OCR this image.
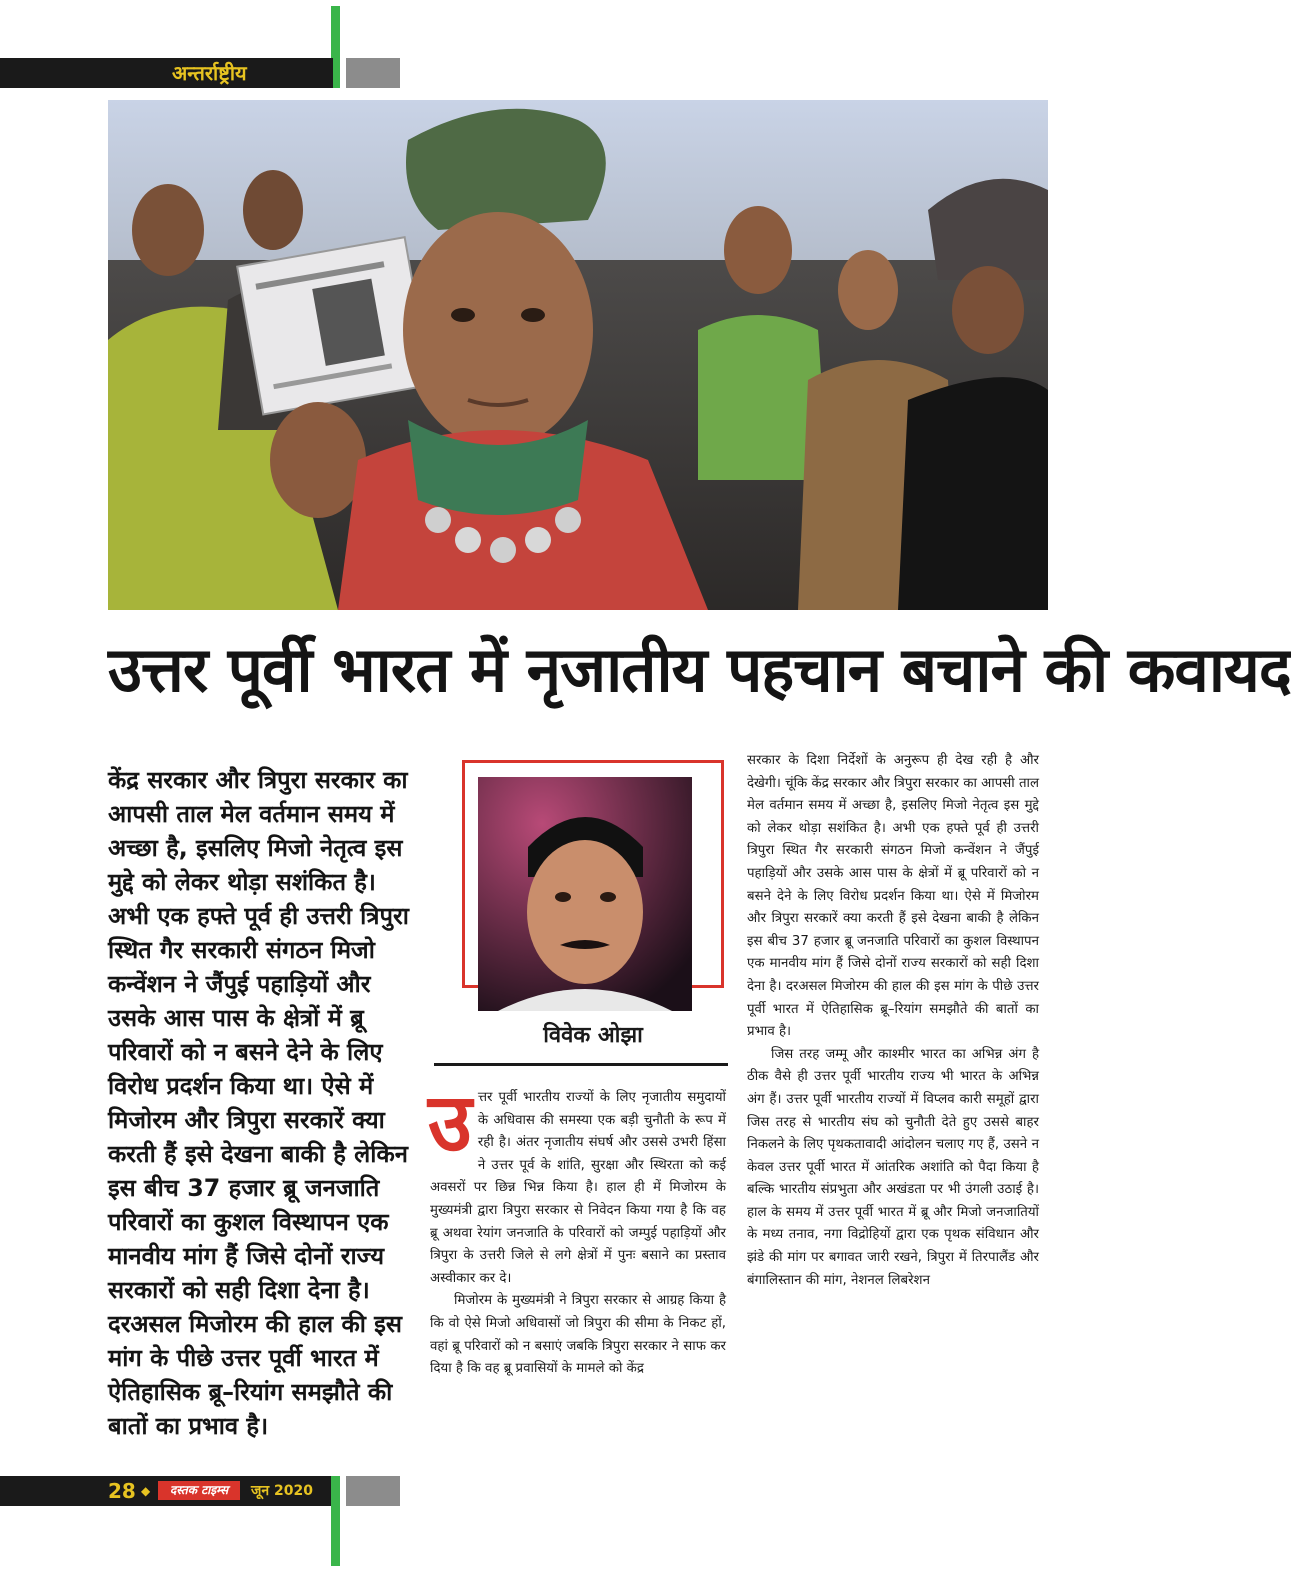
अन्तर्राष्ट्रीय
उत्तर पूर्वी भारत में नृजातीय पहचान बचाने की कवायद

केंद्र सरकार और त्रिपुरा सरकार का आपसी ताल मेल वर्तमान समय में अच्छा है, इसलिए मिजो नेतृत्व इस मुद्दे को लेकर थोड़ा सशंकित है। अभी एक हफ्ते पूर्व ही उत्तरी त्रिपुरा स्थित गैर सरकारी संगठन मिजो कन्वेंशन ने जैंपुई पहाड़ियों और उसके आस पास के क्षेत्रों में ब्रू परिवारों को न बसने देने के लिए विरोध प्रदर्शन किया था। ऐसे में मिजोरम और त्रिपुरा सरकारें क्या करती हैं इसे देखना बाकी है लेकिन इस बीच 37 हजार ब्रू जनजाति परिवारों का कुशल विस्थापन एक मानवीय मांग हैं जिसे दोनों राज्य सरकारों को सही दिशा देना है। दरअसल मिजोरम की हाल की इस मांग के पीछे उत्तर पूर्वी भारत में ऐतिहासिक ब्रू–रियांग समझौते की बातों का प्रभाव है।

विवेक ओझा

उत्तर पूर्वी भारतीय राज्यों के लिए नृजातीय समुदायों के अधिवास की समस्या एक बड़ी चुनौती के रूप में रही है। अंतर नृजातीय संघर्ष और उससे उभरी हिंसा ने उत्तर पूर्व के शांति, सुरक्षा और स्थिरता को कई अवसरों पर छिन्न भिन्न किया है। हाल ही में मिजोरम के मुख्यमंत्री द्वारा त्रिपुरा सरकार से निवेदन किया गया है कि वह ब्रू अथवा रेयांग जनजाति के परिवारों को जम्पुई पहाड़ियों और त्रिपुरा के उत्तरी जिले से लगे क्षेत्रों में पुनः बसाने का प्रस्ताव अस्वीकार कर दे।

मिजोरम के मुख्यमंत्री ने त्रिपुरा सरकार से आग्रह किया है कि वो ऐसे मिजो अधिवासों जो त्रिपुरा की सीमा के निकट हों, वहां ब्रू परिवारों को न बसाएं जबकि त्रिपुरा सरकार ने साफ कर दिया है कि वह ब्रू प्रवासियों के मामले को केंद्र

सरकार के दिशा निर्देशों के अनुरूप ही देख रही है और देखेगी। चूंकि केंद्र सरकार और त्रिपुरा सरकार का आपसी ताल मेल वर्तमान समय में अच्छा है, इसलिए मिजो नेतृत्व इस मुद्दे को लेकर थोड़ा सशंकित है। अभी एक हफ्ते पूर्व ही उत्तरी त्रिपुरा स्थित गैर सरकारी संगठन मिजो कन्वेंशन ने जैंपुई पहाड़ियों और उसके आस पास के क्षेत्रों में ब्रू परिवारों को न बसने देने के लिए विरोध प्रदर्शन किया था। ऐसे में मिजोरम और त्रिपुरा सरकारें क्या करती हैं इसे देखना बाकी है लेकिन इस बीच 37 हजार ब्रू जनजाति परिवारों का कुशल विस्थापन एक मानवीय मांग हैं जिसे दोनों राज्य सरकारों को सही दिशा देना है। दरअसल मिजोरम की हाल की इस मांग के पीछे उत्तर पूर्वी भारत में ऐतिहासिक ब्रू–रियांग समझौते की बातों का प्रभाव है।

जिस तरह जम्मू और काश्मीर भारत का अभिन्न अंग है ठीक वैसे ही उत्तर पूर्वी भारतीय राज्य भी भारत के अभिन्न अंग हैं। उत्तर पूर्वी भारतीय राज्यों में विप्लव कारी समूहों द्वारा जिस तरह से भारतीय संघ को चुनौती देते हुए उससे बाहर निकलने के लिए पृथकतावादी आंदोलन चलाए गए हैं, उसने न केवल उत्तर पूर्वी भारत में आंतरिक अशांति को पैदा किया है बल्कि भारतीय संप्रभुता और अखंडता पर भी उंगली उठाई है। हाल के समय में उत्तर पूर्वी भारत में ब्रू और मिजो जनजातियों के मध्य तनाव, नगा विद्रोहियों द्वारा एक पृथक संविधान और झंडे की मांग पर बगावत जारी रखने, त्रिपुरा में तिरपालैंड और बंगालिस्तान की मांग, नेशनल लिबरेशन

28 ◆	दस्तक टाइम्स	जून 2020
